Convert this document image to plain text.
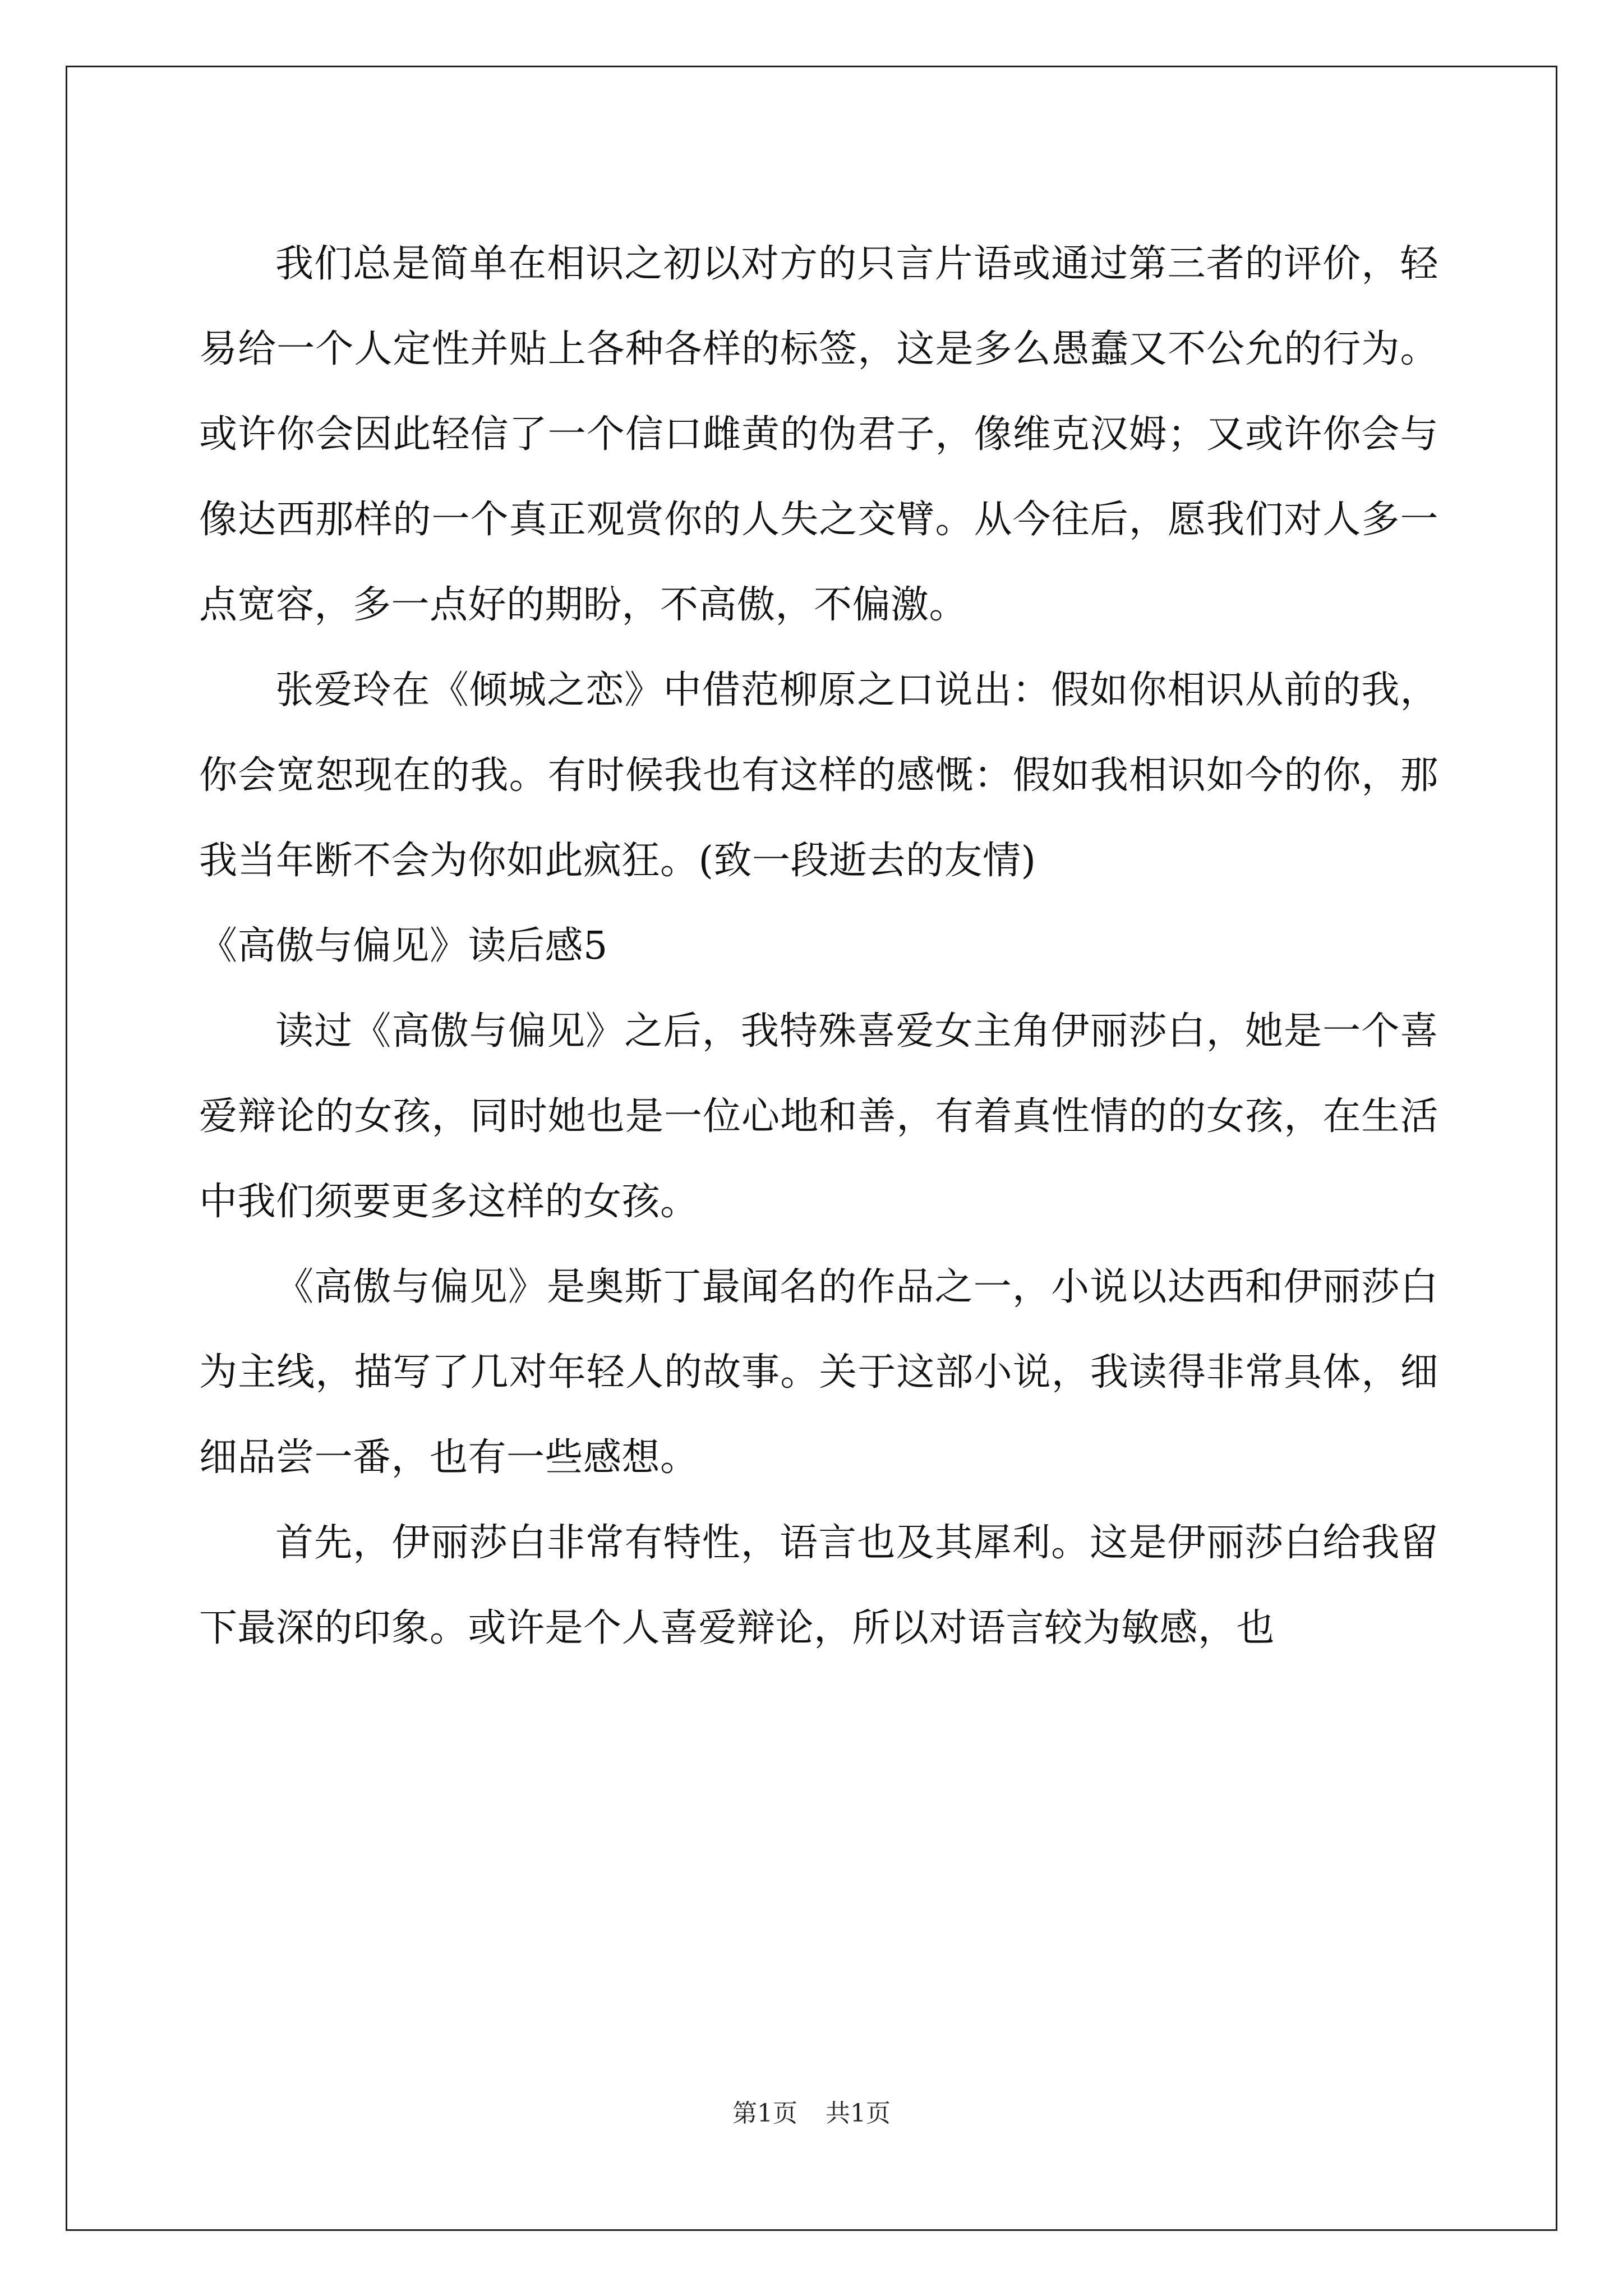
我们总是简单在相识之初以对方的只言片语或通过第三者的评价，轻易给一个人定性并贴上各种各样的标签，这是多么愚蠢又不公允的行为。或许你会因此轻信了一个信口雌黄的伪君子，像维克汉姆；又或许你会与像达西那样的一个真正观赏你的人失之交臂。从今往后，愿我们对人多一点宽容，多一点好的期盼，不高傲，不偏激。

张爱玲在《倾城之恋》中借范柳原之口说出：假如你相识从前的我，你会宽恕现在的我。有时候我也有这样的感慨：假如我相识如今的你，那我当年断不会为你如此疯狂。(致一段逝去的友情)

《高傲与偏见》读后感5

读过《高傲与偏见》之后，我特殊喜爱女主角伊丽莎白，她是一个喜爱辩论的女孩，同时她也是一位心地和善，有着真性情的的女孩，在生活中我们须要更多这样的女孩。

《高傲与偏见》是奥斯丁最闻名的作品之一，小说以达西和伊丽莎白为主线，描写了几对年轻人的故事。关于这部小说，我读得非常具体，细细品尝一番，也有一些感想。

首先，伊丽莎白非常有特性，语言也及其犀利。这是伊丽莎白给我留下最深的印象。或许是个人喜爱辩论，所以对语言较为敏感，也

第1页 共1页
